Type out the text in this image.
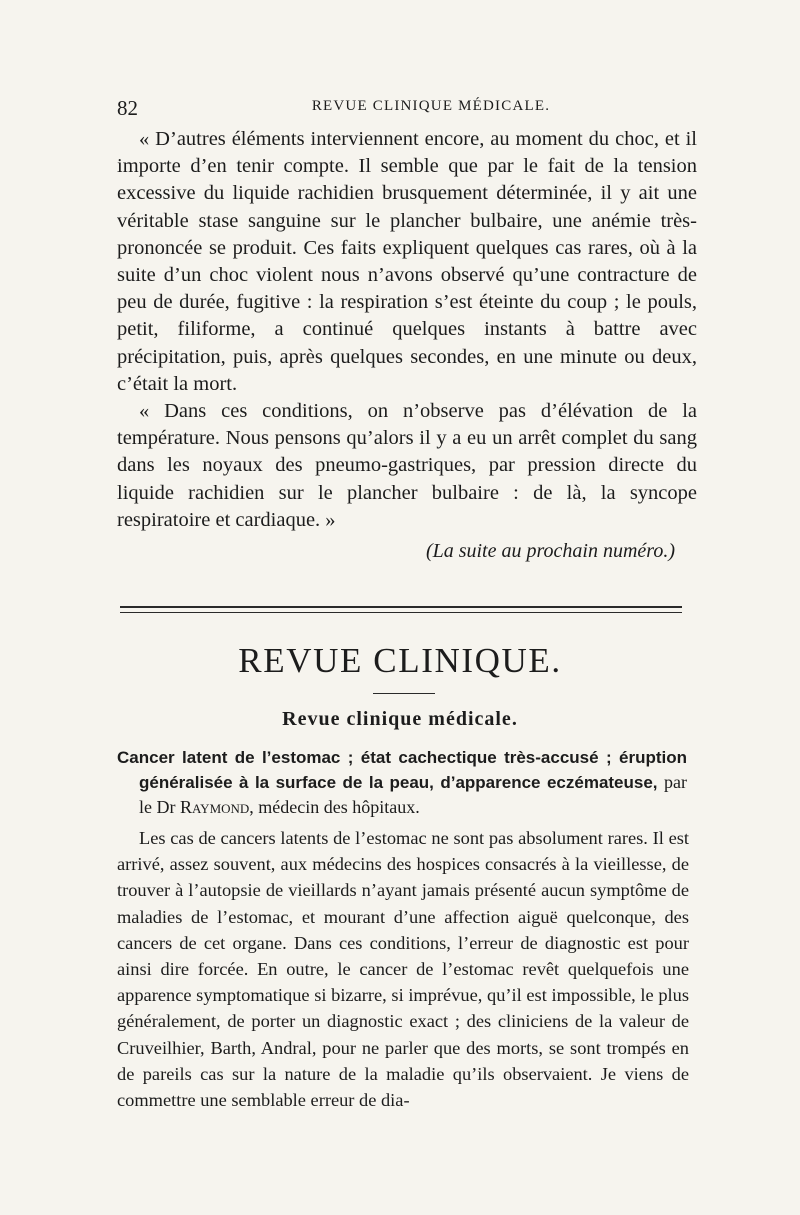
82	REVUE CLINIQUE MÉDICALE.

« D’autres éléments interviennent encore, au moment du choc, et il importe d’en tenir compte. Il semble que par le fait de la tension excessive du liquide rachidien brusquement déterminée, il y ait une véritable stase sanguine sur le plancher bulbaire, une anémie très-prononcée se produit. Ces faits expliquent quelques cas rares, où à la suite d’un choc violent nous n’avons observé qu’une contracture de peu de durée, fugitive : la respiration s’est éteinte du coup ; le pouls, petit, filiforme, a continué quelques instants à battre avec précipitation, puis, après quelques secondes, en une minute ou deux, c’était la mort.

« Dans ces conditions, on n’observe pas d’élévation de la température. Nous pensons qu’alors il y a eu un arrêt complet du sang dans les noyaux des pneumo-gastriques, par pression directe du liquide rachidien sur le plancher bulbaire : de là, la syncope respiratoire et cardiaque. »

(La suite au prochain numéro.)

REVUE CLINIQUE.
Revue clinique médicale.

Cancer latent de l’estomac ; état cachectique très-accusé ; éruption généralisée à la surface de la peau, d’apparence eczémateuse, par le Dr Raymond, médecin des hôpitaux.

Les cas de cancers latents de l’estomac ne sont pas absolument rares. Il est arrivé, assez souvent, aux médecins des hospices consacrés à la vieillesse, de trouver à l’autopsie de vieillards n’ayant jamais présenté aucun symptôme de maladies de l’estomac, et mourant d’une affection aiguë quelconque, des cancers de cet organe. Dans ces conditions, l’erreur de diagnostic est pour ainsi dire forcée. En outre, le cancer de l’estomac revêt quelquefois une apparence symptomatique si bizarre, si imprévue, qu’il est impossible, le plus généralement, de porter un diagnostic exact ; des cliniciens de la valeur de Cruveilhier, Barth, Andral, pour ne parler que des morts, se sont trompés en de pareils cas sur la nature de la maladie qu’ils observaient. Je viens de commettre une semblable erreur de dia-
